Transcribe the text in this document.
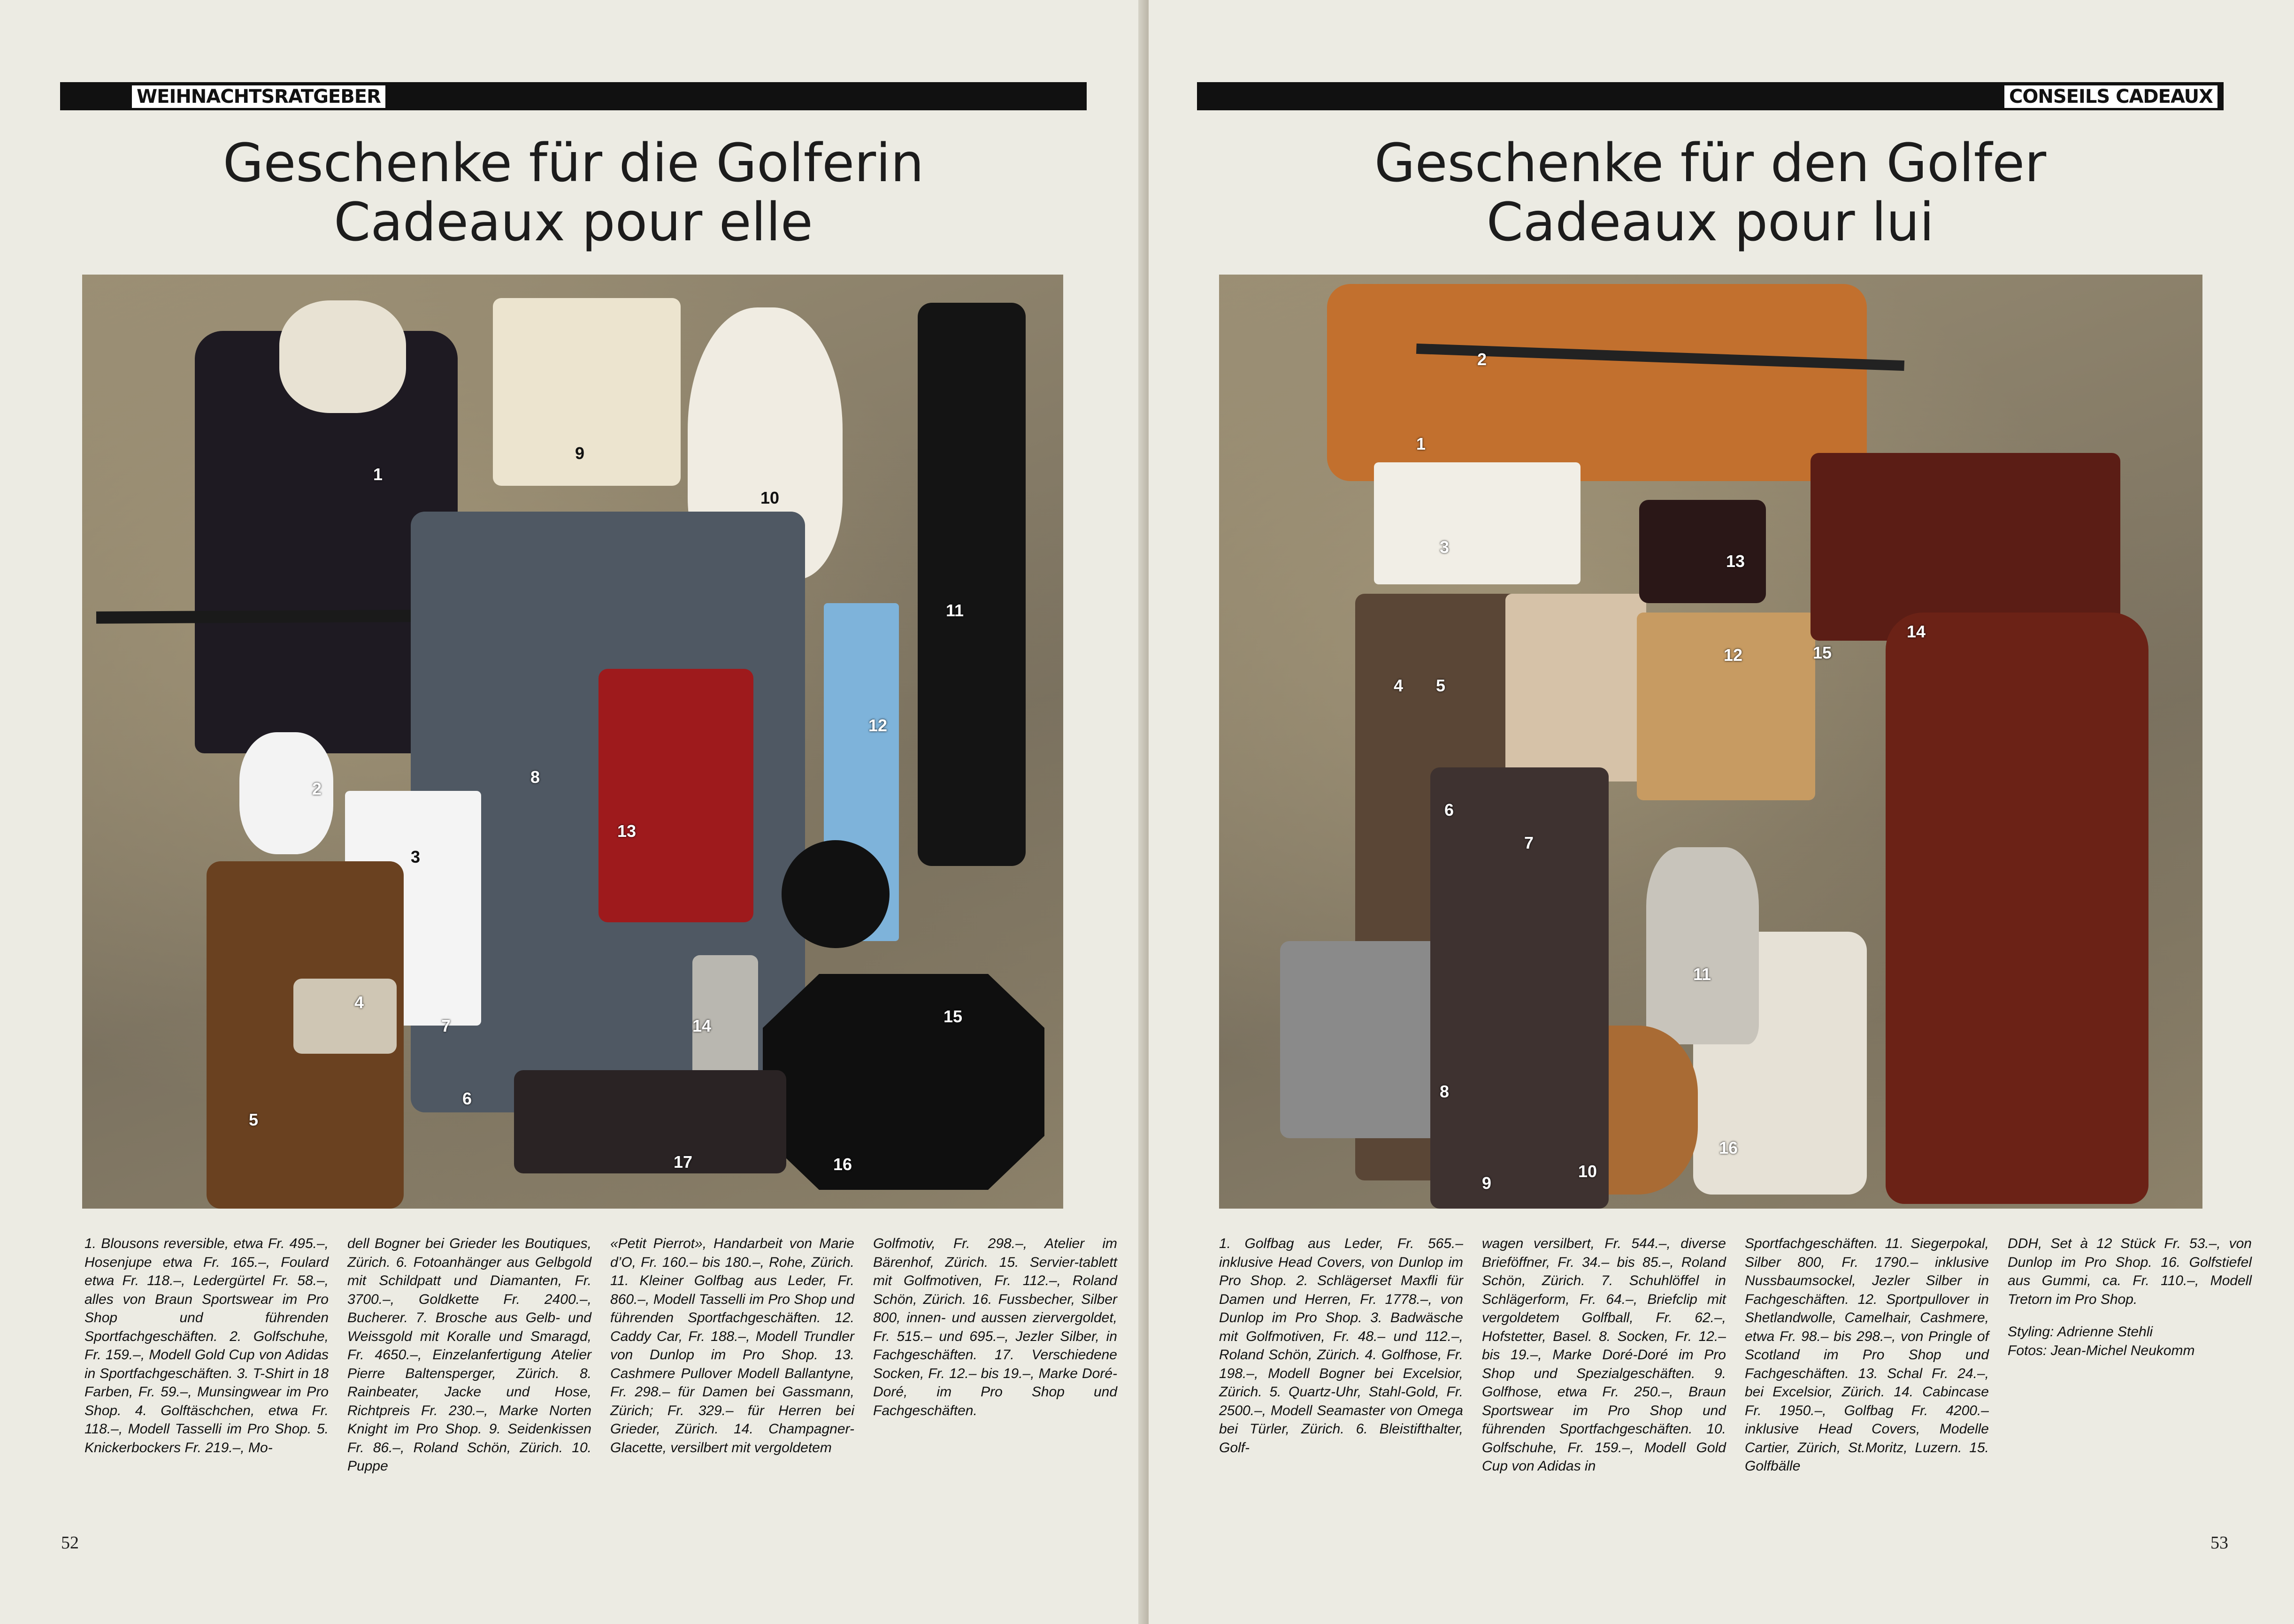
WEIHNACHTSRATGEBER
Geschenke für die Golferin
Cadeaux pour elle
1
2
3
4
5
6
7
8
9
10
11
12
13
14	15
16
17
1. Blousons reversible, etwa Fr. 495.–, Hosenjupe etwa Fr. 165.–, Foulard etwa Fr. 118.–, Ledergürtel Fr. 58.–, alles von Braun Sportswear im Pro Shop und führenden Sportfachgeschäften. 2. Golfschuhe, Fr. 159.–, Modell Gold Cup von Adidas in Sportfachgeschäften. 3. T-Shirt in 18 Farben, Fr. 59.–, Munsingwear im Pro Shop. 4. Golftäschchen, etwa Fr. 118.–, Modell Tasselli im Pro Shop. 5. Knickerbockers Fr. 219.–, Mo-
dell Bogner bei Grieder les Boutiques, Zürich. 6. Fotoanhänger aus Gelbgold mit Schildpatt und Diamanten, Fr. 3700.–, Goldkette Fr. 2400.–, Bucherer. 7. Brosche aus Gelb- und Weissgold mit Koralle und Smaragd, Fr. 4650.–, Einzelanfertigung Atelier Pierre Baltensperger, Zürich. 8. Rainbeater, Jacke und Hose, Richtpreis Fr. 230.–, Marke Norten Knight im Pro Shop. 9. Seidenkissen Fr. 86.–, Roland Schön, Zürich. 10. Puppe
«Petit Pierrot», Handarbeit von Marie d’O, Fr. 160.– bis 180.–, Rohe, Zürich. 11. Kleiner Golfbag aus Leder, Fr. 860.–, Modell Tasselli im Pro Shop und führenden Sportfachgeschäften. 12. Caddy Car, Fr. 188.–, Modell Trundler von Dunlop im Pro Shop. 13. Cashmere Pullover Modell Ballantyne, Fr. 298.– für Damen bei Gassmann, Zürich; Fr. 329.– für Herren bei Grieder, Zürich. 14. Champagner-Glacette, versilbert mit vergoldetem
Golfmotiv, Fr. 298.–, Atelier im Bärenhof, Zürich. 15. Servier-tablett mit Golfmotiven, Fr. 112.–, Roland Schön, Zürich. 16. Fussbecher, Silber 800, innen- und aussen ziervergoldet, Fr. 515.– und 695.–, Jezler Silber, in Fachgeschäften. 17. Verschiedene Socken, Fr. 12.– bis 19.–, Marke Doré-Doré, im Pro Shop und Fachgeschäften.
52
CONSEILS CADEAUX
Geschenke für den Golfer
Cadeaux pour lui
1
2
3
4 5
6
7
8
9
10
11
12
13
14
15
16
1. Golfbag aus Leder, Fr. 565.– inklusive Head Covers, von Dunlop im Pro Shop. 2. Schlägerset Maxfli für Damen und Herren, Fr. 1778.–, von Dunlop im Pro Shop. 3. Badwäsche mit Golfmotiven, Fr. 48.– und 112.–, Roland Schön, Zürich. 4. Golfhose, Fr. 198.–, Modell Bogner bei Excelsior, Zürich. 5. Quartz-Uhr, Stahl-Gold, Fr. 2500.–, Modell Seamaster von Omega bei Türler, Zürich. 6. Bleistifthalter, Golf-
wagen versilbert, Fr. 544.–, diverse Brieföffner, Fr. 34.– bis 85.–, Roland Schön, Zürich. 7. Schuhlöffel in Schlägerform, Fr. 64.–, Briefclip mit vergoldetem Golfball, Fr. 62.–, Hofstetter, Basel. 8. Socken, Fr. 12.– bis 19.–, Marke Doré-Doré im Pro Shop und Spezialgeschäften. 9. Golfhose, etwa Fr. 250.–, Braun Sportswear im Pro Shop und führenden Sportfachgeschäften. 10. Golfschuhe, Fr. 159.–, Modell Gold Cup von Adidas in
Sportfachgeschäften. 11. Siegerpokal, Silber 800, Fr. 1790.– inklusive Nussbaumsockel, Jezler Silber in Fachgeschäften. 12. Sportpullover in Shetlandwolle, Camelhair, Cashmere, etwa Fr. 98.– bis 298.–, von Pringle of Scotland im Pro Shop und Fachgeschäften. 13. Schal Fr. 24.–, bei Excelsior, Zürich. 14. Cabincase Fr. 1950.–, Golfbag Fr. 4200.– inklusive Head Covers, Modelle Cartier, Zürich, St.Moritz, Luzern. 15. Golfbälle
DDH, Set à 12 Stück Fr. 53.–, von Dunlop im Pro Shop. 16. Golfstiefel aus Gummi, ca. Fr. 110.–, Modell Tretorn im Pro Shop.
Styling: Adrienne Stehli
Fotos: Jean-Michel Neukomm
53
